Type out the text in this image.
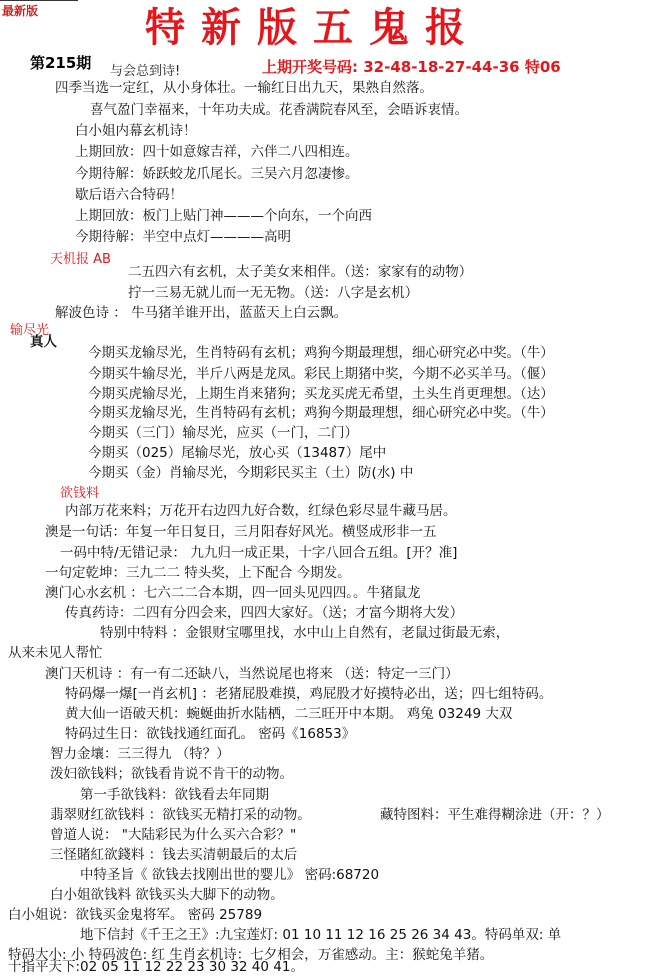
最新版	特新版五鬼报
第215期 与会总到诗!	上期开奖号码: 32-48-18-27-44-36 特06
四季当选一定红，从小身体壮。一输红日出九天，果熟自然落。
喜气盈门幸福来，十年功夫成。花香满院春风至，会晤诉衷情。
白小姐内幕玄机诗！
上期回放：四十如意嫁吉祥，六伴二八四相连。
今期待解：娇跃蛟龙爪尾长。三吴六月忽凄惨。
歇后语六合特码！
上期回放：板门上贴门神———个向东，一个向西
今期待解：半空中点灯————高明
天机报 AB
二五四六有玄机，太子美女来相伴。（送：家家有的动物）
拧一三易无就儿而一无无物。（送：八字是玄机）
解波色诗 ： 牛马猪羊谁开出，蓝蓝天上白云飘。
输尽光
真人
今期买龙输尽光，生肖特码有玄机；鸡狗今期最理想，细心研究必中奖。（牛）
今期买牛输尽光，半斤八两是龙凤。彩民上期猪中奖，今期不必买羊马。（偃）
今期买虎输尽光，上期生肖来猪狗；买龙买虎无希望，土头生肖更理想。（达）
今期买龙输尽光，生肖特码有玄机；鸡狗今期最理想，细心研究必中奖。（牛）
今期买（三门）输尽光，应买（一门，二门）
今期买（025）尾输尽光，放心买（13487）尾中
今期买（金）肖输尽光，今期彩民买主（土）防(水) 中
欲钱料
内部万花来料；万花开右边四九好合数，红绿色彩尽显牛藏马居。
澳是一句话：年复一年日复日，三月阳春好风光。横竖成形非一五
一码中特/无错记录： 九九归一成正果，十字八回合五组。[开？准]
一句定乾坤：三九二二 特头奖，上下配合 今期发。
澳门心水玄机 ：七六二二合本期，四一回头见四四。。牛猪鼠龙
传真药诗：二四有分四会来，四四大家好。（送；才富今期将大发）
特别中特料 ：金银财宝哪里找，水中山上自然有，老鼠过街最无索，
从来未见人帮忙
澳门天机诗 ：有一有二还缺八，当然说尾也将来 （送：特定一三门）
特码爆一爆[一肖玄机] ：老猪屁股难摸，鸡屁股才好摸特必出，送；四七组特码。
黄大仙一语破天机：蜿蜒曲折水陆栖，二三旺开中本期。 鸡兔 03249 大双
特码过生日：欲钱找通红面孔。 密码《16853》
智力金壤：三三得九 （特？）
泼妇欲钱料；欲钱看肯说不肯干的动物。
第一手欲钱料：欲钱看去年同期
翡翠财红欲钱料 ：欲钱买无精打采的动物。	藏特图料：平生难得糊涂进（开：？）
曾道人说： "大陆彩民为什么买六合彩？"
三怪賭紅欲錢料 ：钱去买清朝最后的太后
中特圣旨《 欲钱去找刚出世的婴儿》 密码:68720
白小姐欲钱料 欲钱买头大脚下的动物。
白小姐说：欲钱买金鬼将军。 密码 25789
地下信封《千王之王》:九宝莲灯: 01 10 11 12 16 25 26 34 43。特码单双: 单
特码大小: 小 特码波色: 红 生肖玄机诗：七夕相会，万雀感动。主：猴蛇兔羊猪。
十指平天下:02 05 11 12 22 23 30 32 40 41。
